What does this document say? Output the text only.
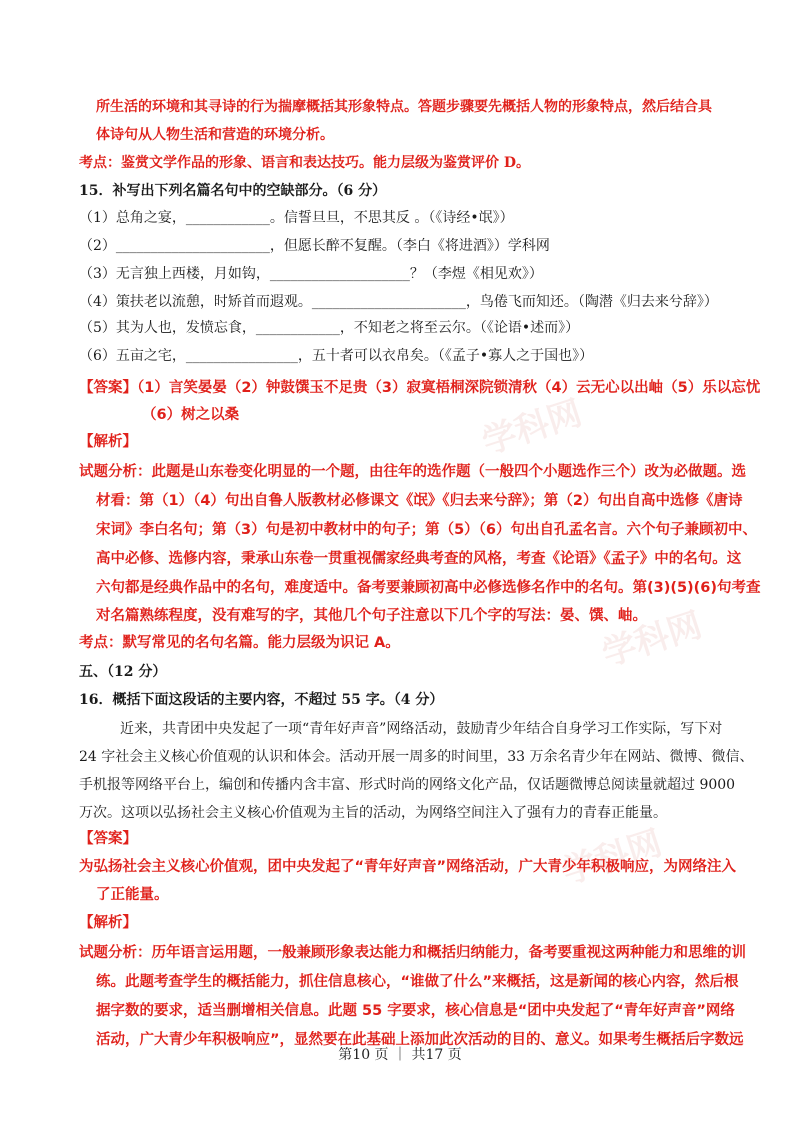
学科网
学科网
学科网
所生活的环境和其寻诗的行为揣摩概括其形象特点。答题步骤要先概括人物的形象特点，然后结合具
体诗句从人物生活和营造的环境分析。
考点：鉴赏文学作品的形象、语言和表达技巧。能力层级为鉴赏评价 D。
15．补写出下列名篇名句中的空缺部分。（6 分）
（1）总角之宴，____________。信誓旦旦，不思其反 。（《诗经•氓》）
（2）______________________，但愿长醉不复醒。（李白《将进酒》）学科网
（3）无言独上西楼，月如钩，____________________？（李煜《相见欢》）
（4）策扶老以流憩，时矫首而遐观。______________________，鸟倦飞而知还。（陶潜《归去来兮辞》）
（5）其为人也，发愤忘食，____________，不知老之将至云尔。（《论语•述而》）
（6）五亩之宅，________________，五十者可以衣帛矣。（《孟子•寡人之于国也》）
【答案】（1）言笑晏晏（2）钟鼓馔玉不足贵（3）寂寞梧桐深院锁清秋（4）云无心以出岫（5）乐以忘忧
（6）树之以桑
【解析】
试题分析：此题是山东卷变化明显的一个题，由往年的选作题（一般四个小题选作三个）改为必做题。选
材看：第（1）（4）句出自鲁人版教材必修课文《氓》《归去来兮辞》；第（2）句出自高中选修《唐诗
宋词》李白名句；第（3）句是初中教材中的句子；第（5）（6）句出自孔孟名言。六个句子兼顾初中、
高中必修、选修内容，秉承山东卷一贯重视儒家经典考查的风格，考查《论语》《孟子》中的名句。这
六句都是经典作品中的名句，难度适中。备考要兼顾初高中必修选修名作中的名句。第(3)(5)(6)句考查
对名篇熟练程度，没有难写的字，其他几个句子注意以下几个字的写法：晏、馔、岫。
考点：默写常见的名句名篇。能力层级为识记 A。
五、（12 分）
16．概括下面这段话的主要内容，不超过 55 字。（4 分）
近来，共青团中央发起了一项“青年好声音”网络活动，鼓励青少年结合自身学习工作实际，写下对
24 字社会主义核心价值观的认识和体会。活动开展一周多的时间里，33 万余名青少年在网站、微博、微信、
手机报等网络平台上，编创和传播内含丰富、形式时尚的网络文化产品，仅话题微博总阅读量就超过 9000
万次。这项以弘扬社会主义核心价值观为主旨的活动，为网络空间注入了强有力的青春正能量。
【答案】
为弘扬社会主义核心价值观，团中央发起了“青年好声音”网络活动，广大青少年积极响应，为网络注入
了正能量。
【解析】
试题分析：历年语言运用题，一般兼顾形象表达能力和概括归纳能力，备考要重视这两种能力和思维的训
练。此题考查学生的概括能力，抓住信息核心，“谁做了什么”来概括，这是新闻的核心内容，然后根
据字数的要求，适当删增相关信息。此题 55 字要求，核心信息是“团中央发起了“青年好声音”网络
活动，广大青少年积极响应”，显然要在此基础上添加此次活动的目的、意义。如果考生概括后字数远
第10 页 ｜ 共17 页
